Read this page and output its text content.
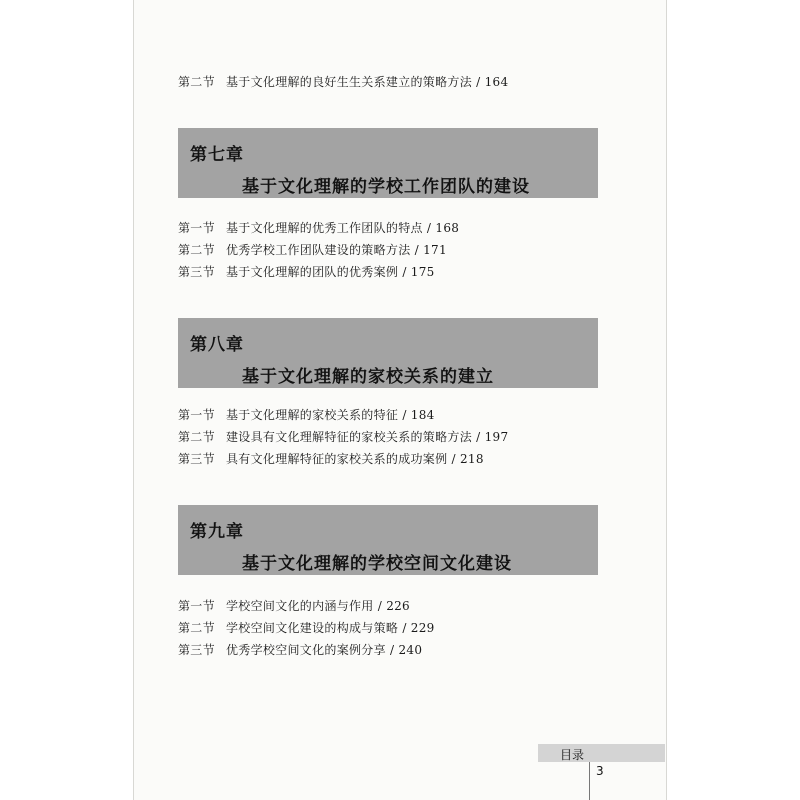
第二节 基于文化理解的良好生生关系建立的策略方法 / 164
第七章
基于文化理解的学校工作团队的建设
第一节 基于文化理解的优秀工作团队的特点 / 168
第二节 优秀学校工作团队建设的策略方法 / 171
第三节 基于文化理解的团队的优秀案例 / 175
第八章
基于文化理解的家校关系的建立
第一节 基于文化理解的家校关系的特征 / 184
第二节 建设具有文化理解特征的家校关系的策略方法 / 197
第三节 具有文化理解特征的家校关系的成功案例 / 218
第九章
基于文化理解的学校空间文化建设
第一节 学校空间文化的内涵与作用 / 226
第二节 学校空间文化建设的构成与策略 / 229
第三节 优秀学校空间文化的案例分享 / 240
目录
3
